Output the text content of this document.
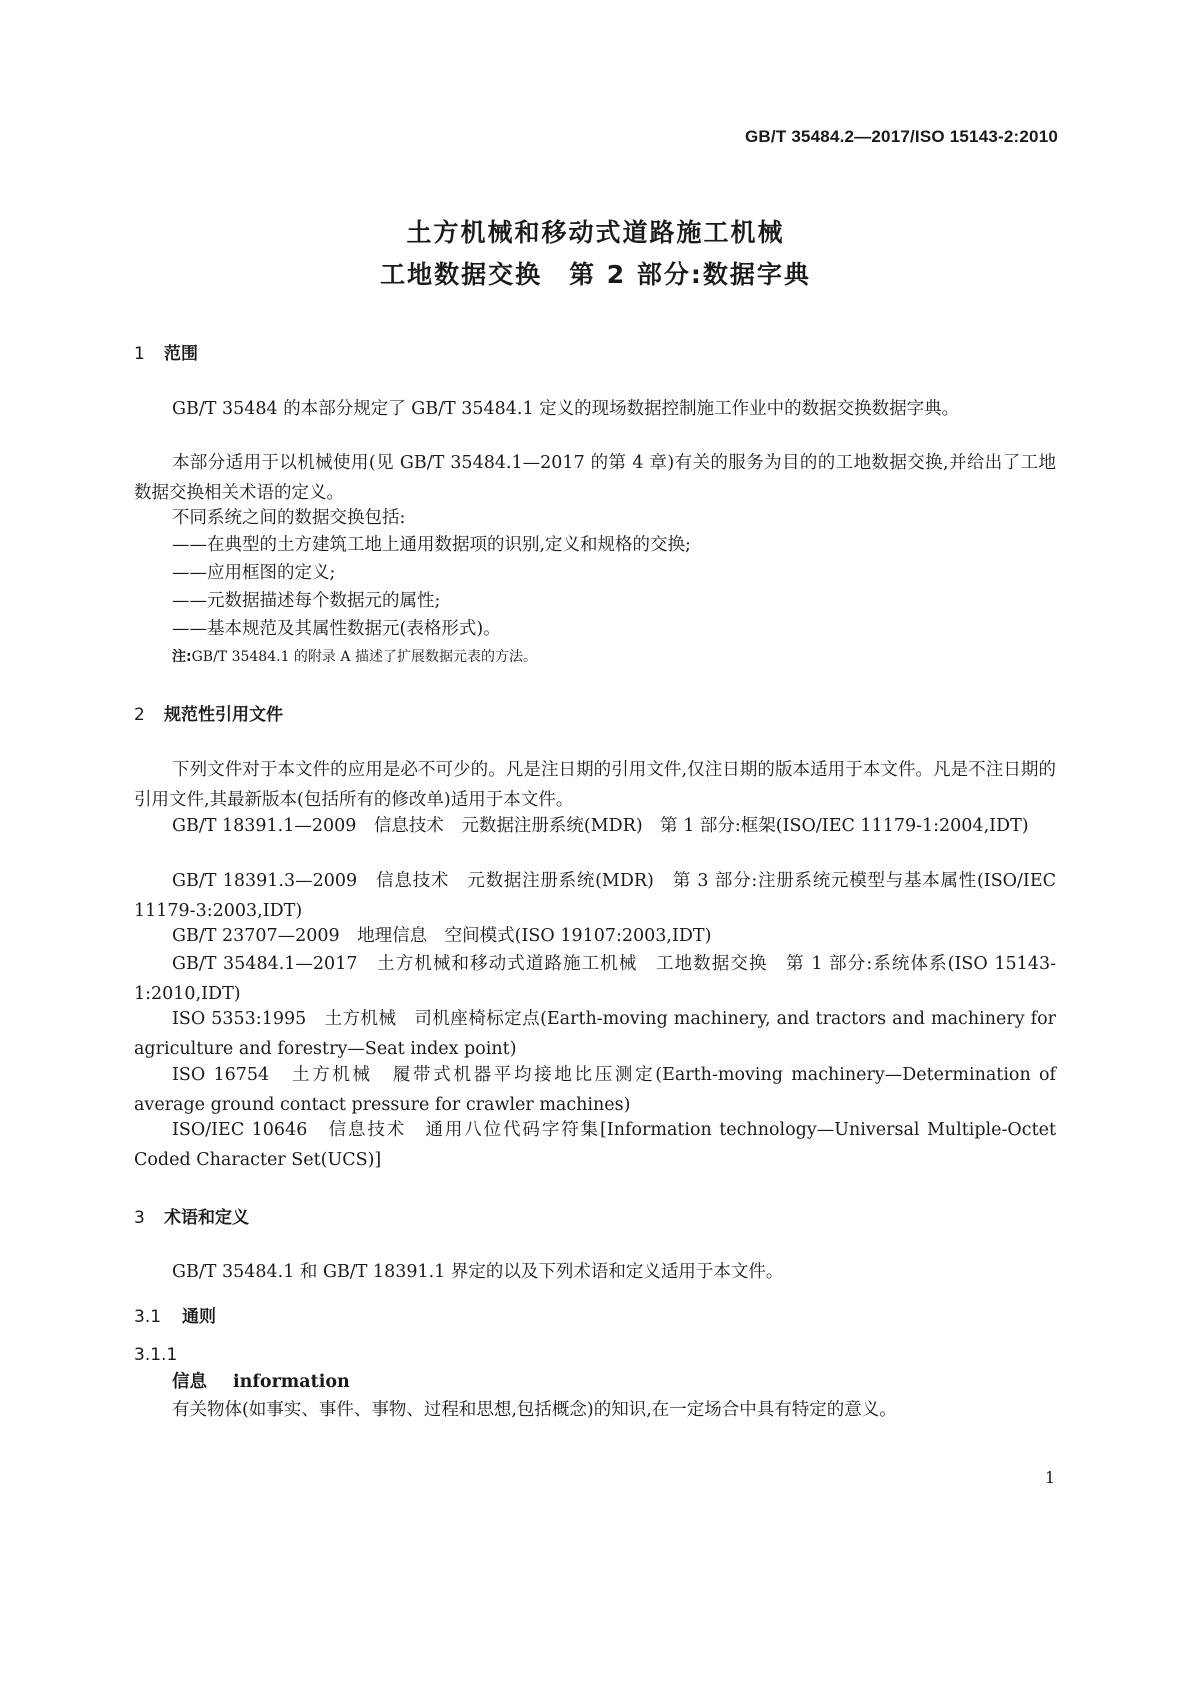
GB/T 35484.2—2017/ISO 15143-2:2010
土方机械和移动式道路施工机械
工地数据交换　第 2 部分:数据字典
1 范围
GB/T 35484 的本部分规定了 GB/T 35484.1 定义的现场数据控制施工作业中的数据交换数据字典。
本部分适用于以机械使用(见 GB/T 35484.1—2017 的第 4 章)有关的服务为目的的工地数据交换,并给出了工地数据交换相关术语的定义。
不同系统之间的数据交换包括:
——在典型的土方建筑工地上通用数据项的识别,定义和规格的交换;
——应用框图的定义;
——元数据描述每个数据元的属性;
——基本规范及其属性数据元(表格形式)。
注:GB/T 35484.1 的附录 A 描述了扩展数据元表的方法。
2 规范性引用文件
下列文件对于本文件的应用是必不可少的。凡是注日期的引用文件,仅注日期的版本适用于本文件。凡是不注日期的引用文件,其最新版本(包括所有的修改单)适用于本文件。
GB/T 18391.1—2009　信息技术　元数据注册系统(MDR)　第 1 部分:框架(ISO/IEC 11179-1:2004,IDT)
GB/T 18391.3—2009　信息技术　元数据注册系统(MDR)　第 3 部分:注册系统元模型与基本属性(ISO/IEC 11179-3:2003,IDT)
GB/T 23707—2009　地理信息　空间模式(ISO 19107:2003,IDT)
GB/T 35484.1—2017　土方机械和移动式道路施工机械　工地数据交换　第 1 部分:系统体系(ISO 15143-1:2010,IDT)
ISO 5353:1995　土方机械　司机座椅标定点(Earth-moving machinery, and tractors and machinery for agriculture and forestry—Seat index point)
ISO 16754　土方机械　履带式机器平均接地比压测定(Earth-moving machinery—Determination of average ground contact pressure for crawler machines)
ISO/IEC 10646　信息技术　通用八位代码字符集[Information technology—Universal Multiple-Octet Coded Character Set(UCS)]
3 术语和定义
GB/T 35484.1 和 GB/T 18391.1 界定的以及下列术语和定义适用于本文件。
3.1 通则
3.1.1
信息 information
有关物体(如事实、事件、事物、过程和思想,包括概念)的知识,在一定场合中具有特定的意义。
1
